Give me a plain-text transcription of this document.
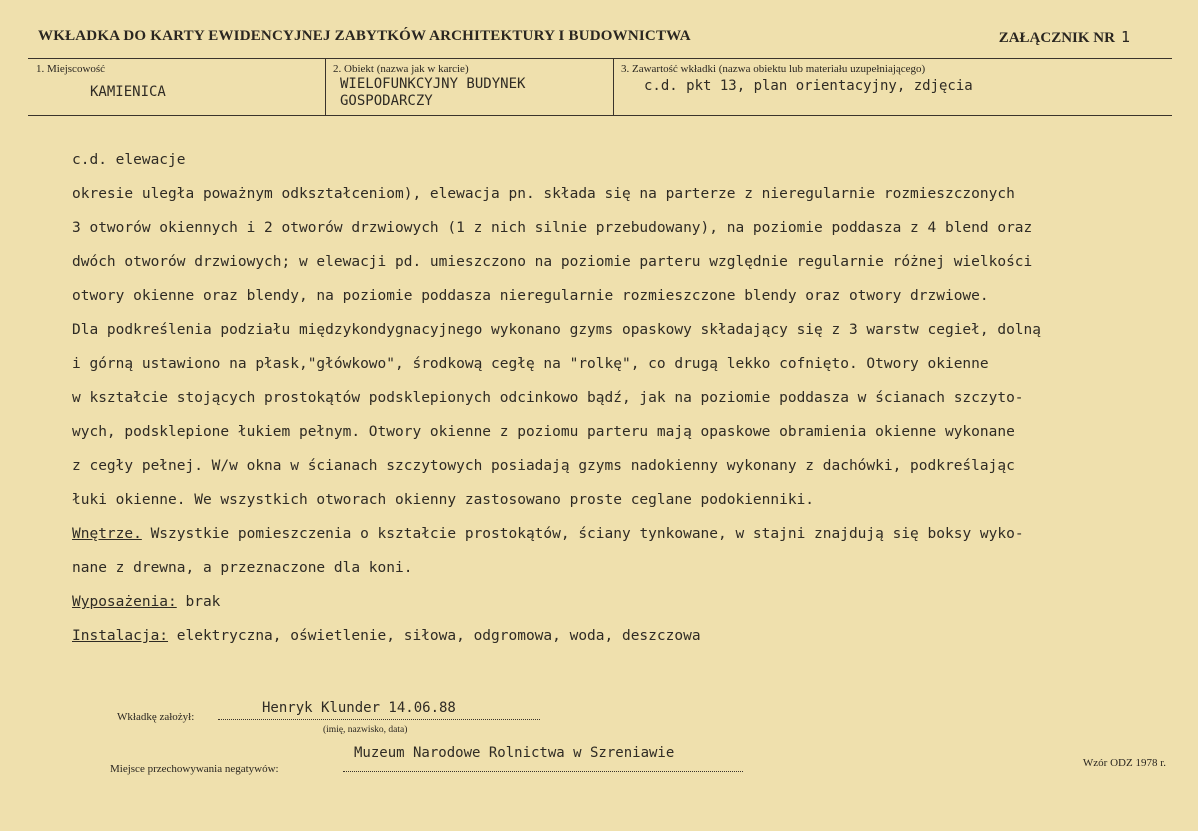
WKŁADKA DO KARTY EWIDENCYJNEJ ZABYTKÓW ARCHITEKTURY I BUDOWNICTWA	ZAŁĄCZNIK NR 1
1. Miejscowość
KAMIENICA
2. Obiekt (nazwa jak w karcie)
WIELOFUNKCYJNY BUDYNEK
GOSPODARCZY
3. Zawartość wkładki (nazwa obiektu lub materiału uzupełniającego)
c.d. pkt 13, plan orientacyjny, zdjęcia
c.d. elewacje
okresie uległa poważnym odkształceniom), elewacja pn. składa się na parterze z nieregularnie rozmieszczonych
3 otworów okiennych i 2 otworów drzwiowych (1 z nich silnie przebudowany), na poziomie poddasza z 4 blend oraz
dwóch otworów drzwiowych; w elewacji pd. umieszczono na poziomie parteru względnie regularnie różnej wielkości
otwory okienne oraz blendy, na poziomie poddasza nieregularnie rozmieszczone blendy oraz otwory drzwiowe.
Dla podkreślenia podziału międzykondygnacyjnego wykonano gzyms opaskowy składający się z 3 warstw cegieł, dolną
i górną ustawiono na płask,"główkowo", środkową cegłę na "rolkę", co drugą lekko cofnięto. Otwory okienne
w kształcie stojących prostokątów podsklepionych odcinkowo bądź, jak na poziomie poddasza w ścianach szczyto-
wych, podsklepione łukiem pełnym. Otwory okienne z poziomu parteru mają opaskowe obramienia okienne wykonane
z cegły pełnej. W/w okna w ścianach szczytowych posiadają gzyms nadokienny wykonany z dachówki, podkreślając
łuki okienne. We wszystkich otworach okienny zastosowano proste ceglane podokienniki.
Wnętrze. Wszystkie pomieszczenia o kształcie prostokątów, ściany tynkowane, w stajni znajdują się boksy wyko-
nane z drewna, a przeznaczone dla koni.
Wyposażenia: brak
Instalacja: elektryczna, oświetlenie, siłowa, odgromowa, woda, deszczowa
Wkładkę założył:
Henryk Klunder 14.06.88
(imię, nazwisko, data)
Miejsce przechowywania negatywów:
Muzeum Narodowe Rolnictwa w Szreniawie
Wzór ODZ 1978 r.
